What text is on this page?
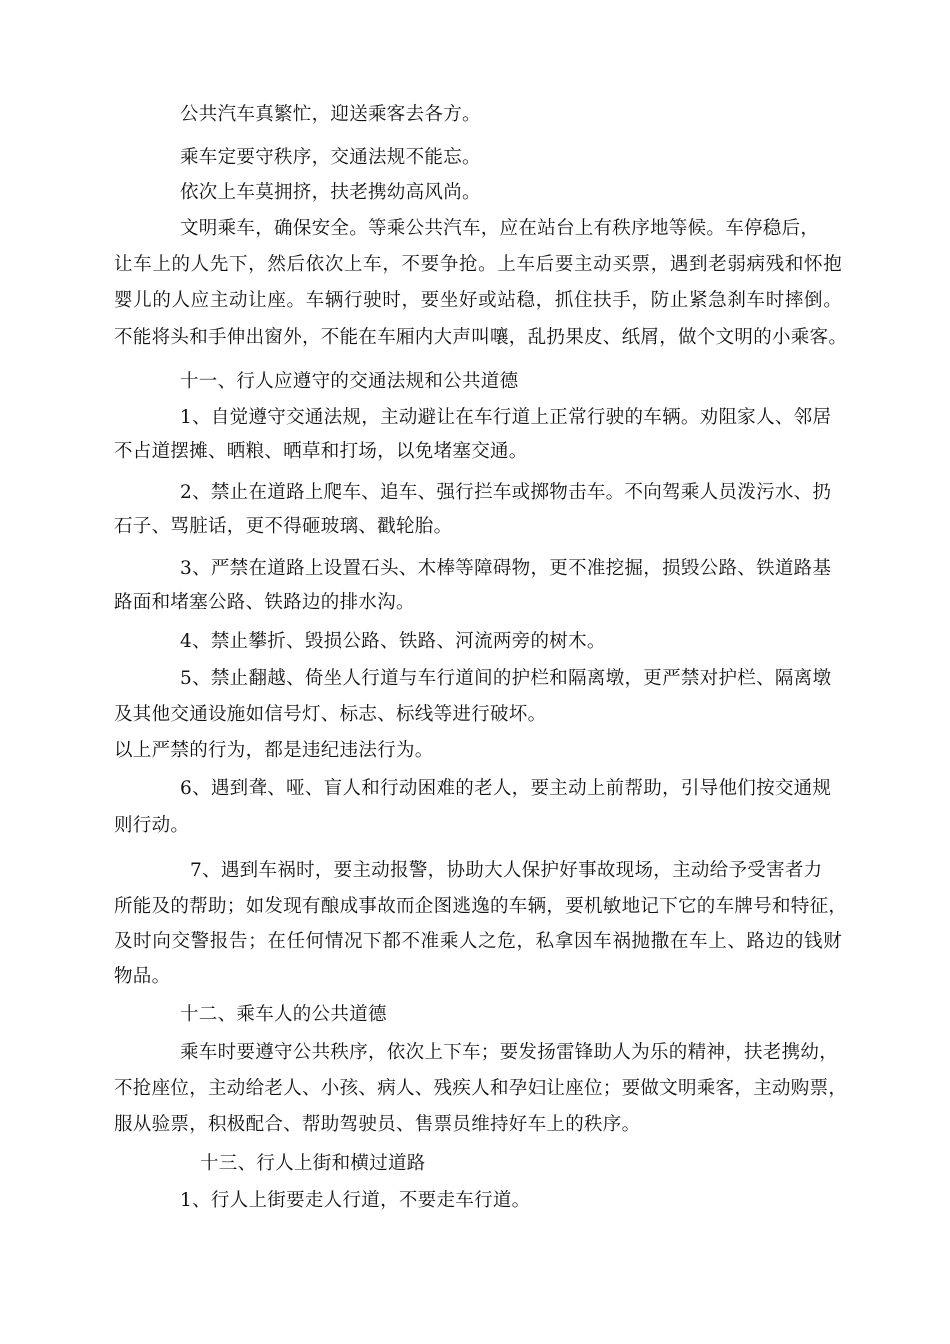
公共汽车真繁忙，迎送乘客去各方。
乘车定要守秩序，交通法规不能忘。
依次上车莫拥挤，扶老携幼高风尚。
文明乘车，确保安全。等乘公共汽车，应在站台上有秩序地等候。车停稳后，
让车上的人先下，然后依次上车，不要争抢。上车后要主动买票，遇到老弱病残和怀抱
婴儿的人应主动让座。车辆行驶时，要坐好或站稳，抓住扶手，防止紧急刹车时摔倒。
不能将头和手伸出窗外，不能在车厢内大声叫嚷，乱扔果皮、纸屑，做个文明的小乘客。
十一、行人应遵守的交通法规和公共道德
1、自觉遵守交通法规，主动避让在车行道上正常行驶的车辆。劝阻家人、邻居
不占道摆摊、晒粮、晒草和打场，以免堵塞交通。
2、禁止在道路上爬车、追车、强行拦车或掷物击车。不向驾乘人员泼污水、扔
石子、骂脏话，更不得砸玻璃、戳轮胎。
3、严禁在道路上设置石头、木棒等障碍物，更不准挖掘，损毁公路、铁道路基
路面和堵塞公路、铁路边的排水沟。
4、禁止攀折、毁损公路、铁路、河流两旁的树木。
5、禁止翻越、倚坐人行道与车行道间的护栏和隔离墩，更严禁对护栏、隔离墩
及其他交通设施如信号灯、标志、标线等进行破坏。
以上严禁的行为，都是违纪违法行为。
6、遇到聋、哑、盲人和行动困难的老人，要主动上前帮助，引导他们按交通规
则行动。
7、遇到车祸时，要主动报警，协助大人保护好事故现场，主动给予受害者力
所能及的帮助；如发现有酿成事故而企图逃逸的车辆，要机敏地记下它的车牌号和特征，
及时向交警报告；在任何情况下都不准乘人之危，私拿因车祸抛撒在车上、路边的钱财
物品。
十二、乘车人的公共道德
乘车时要遵守公共秩序，依次上下车；要发扬雷锋助人为乐的精神，扶老携幼，
不抢座位，主动给老人、小孩、病人、残疾人和孕妇让座位；要做文明乘客，主动购票，
服从验票，积极配合、帮助驾驶员、售票员维持好车上的秩序。
十三、行人上街和横过道路
1、行人上街要走人行道，不要走车行道。
